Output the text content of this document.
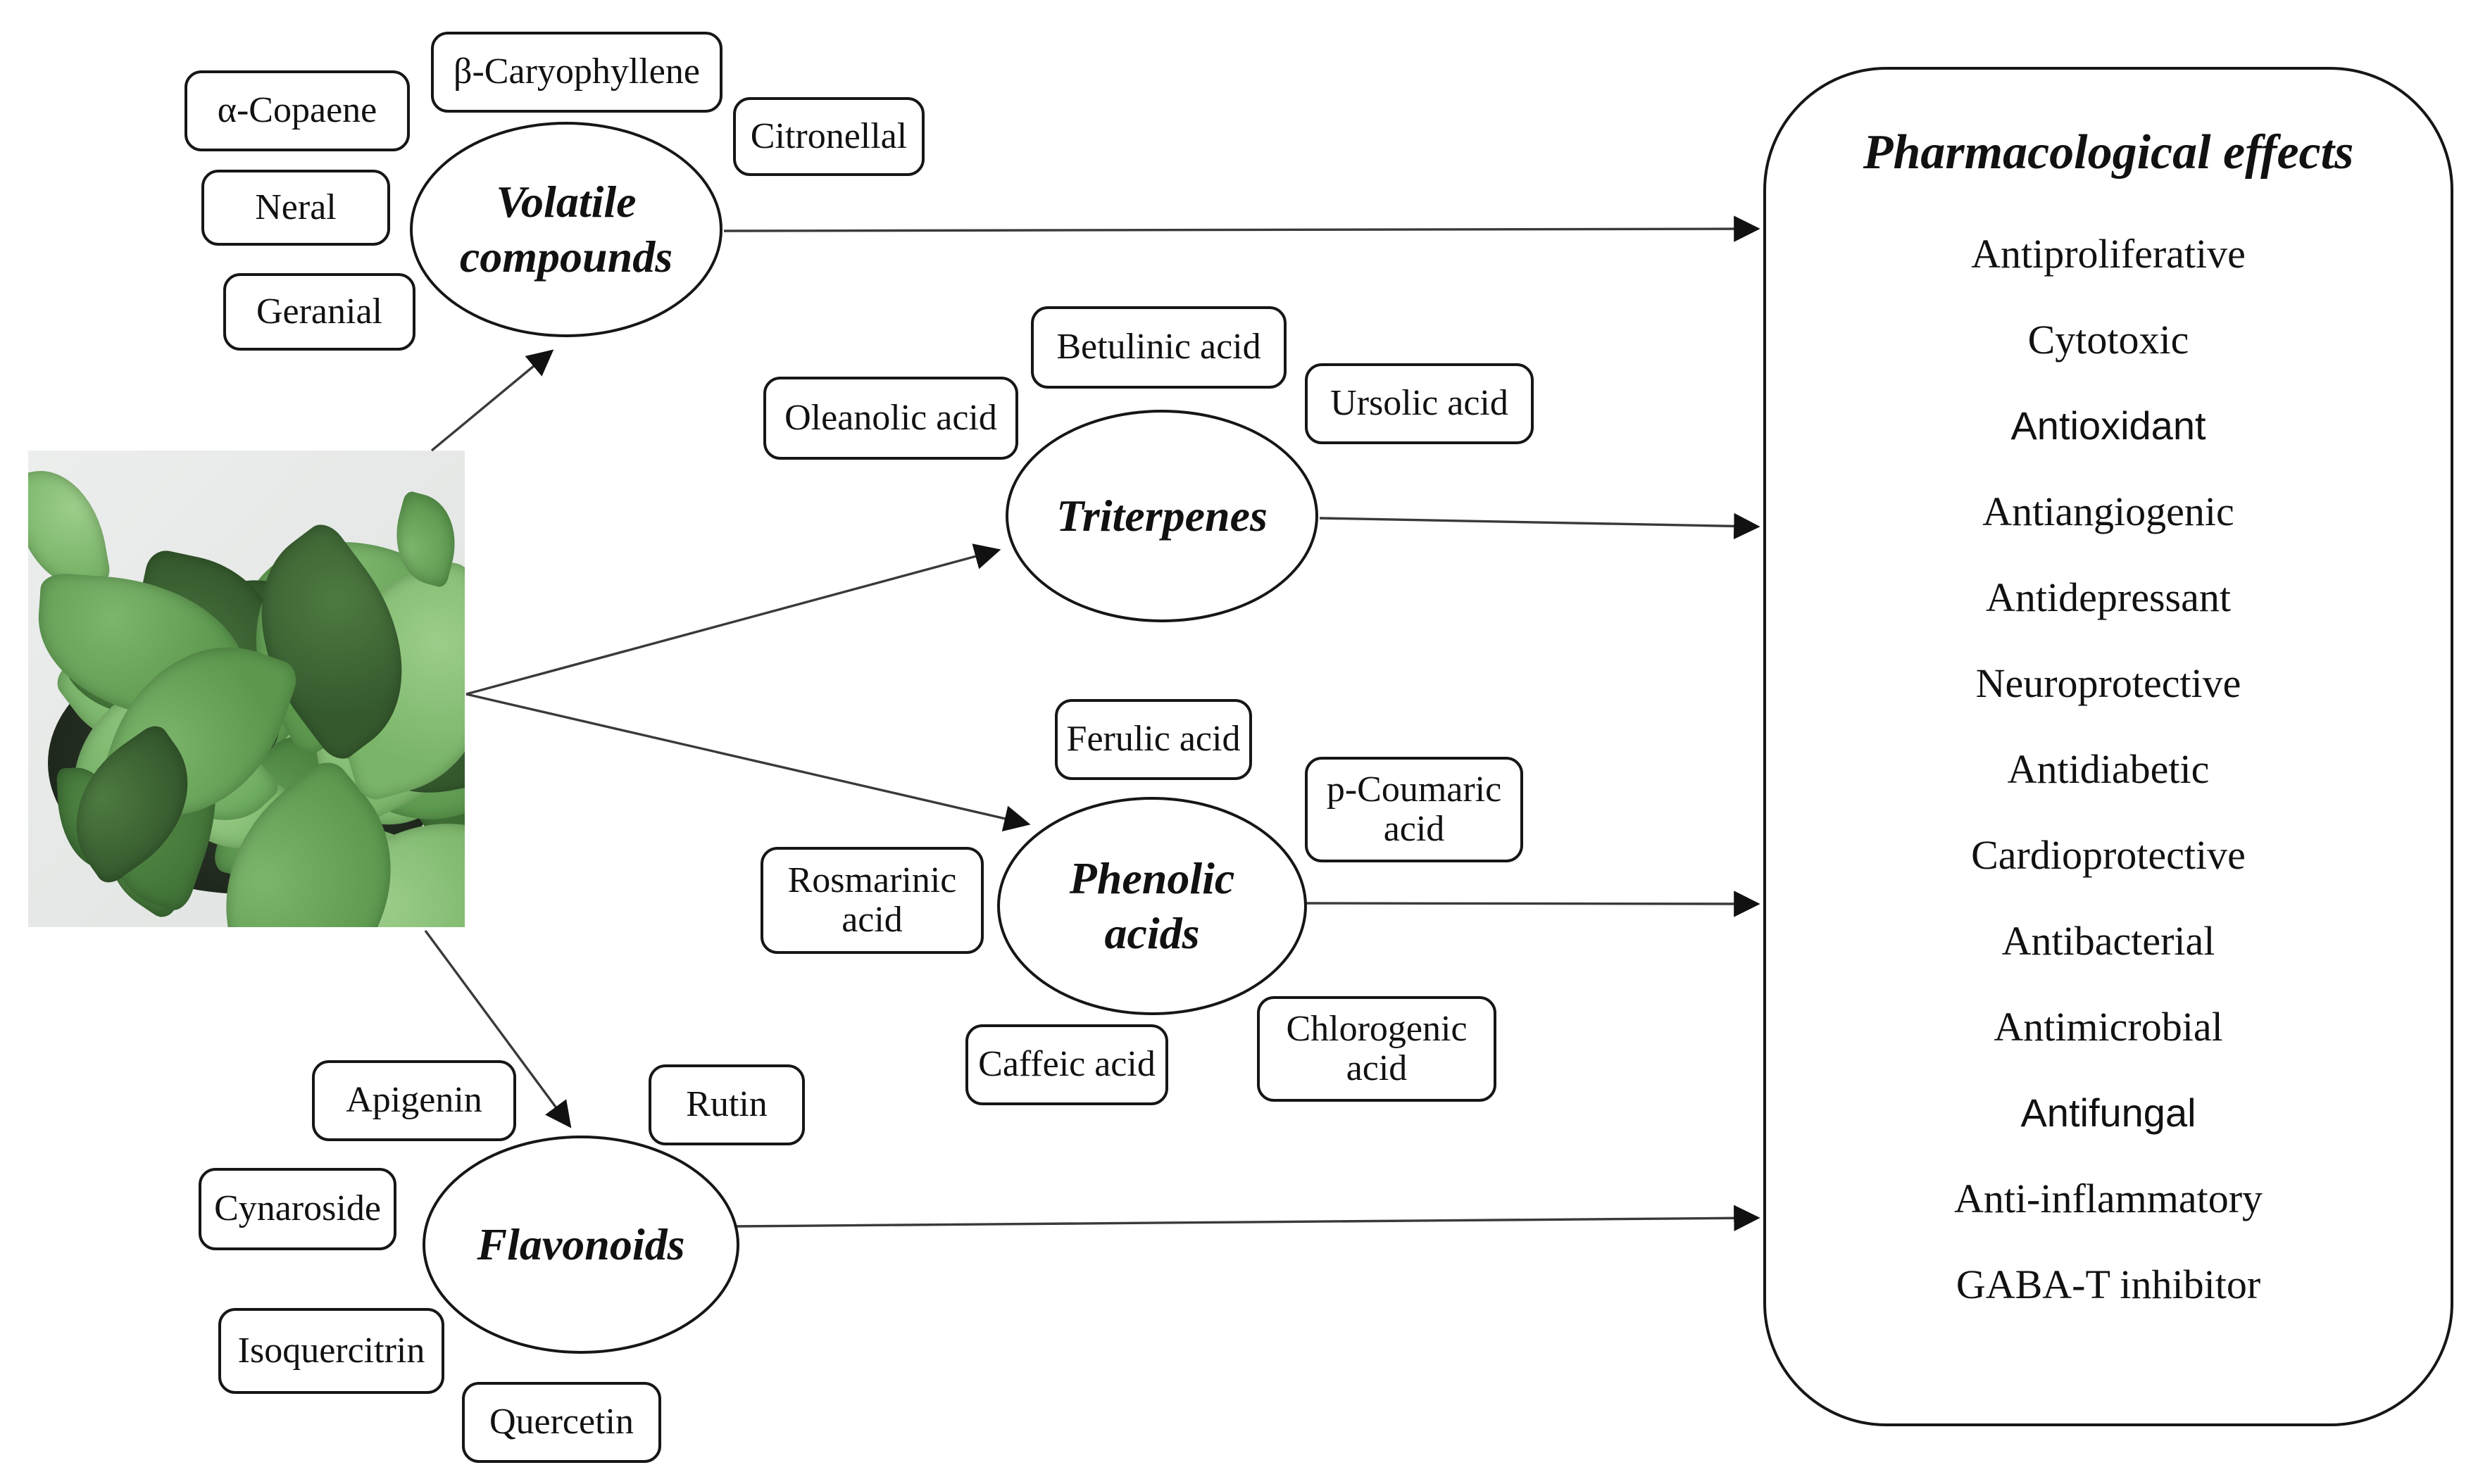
α-Copaene
β-Caryophyllene
Citronellal
Neral
Geranial
Volatile compounds
Betulinic acid
Oleanolic acid	Ursolic acid
Triterpenes
Ferulic acid
p-Coumaric acid
Rosmarinic acid
Caffeic acid
Chlorogenic acid
Phenolic acids
Apigenin	Rutin
Cynaroside
Isoquercitrin
Quercetin
Flavonoids
Pharmacological effects
Antiproliferative
Cytotoxic
Antioxidant
Antiangiogenic
Antidepressant
Neuroprotective
Antidiabetic
Cardioprotective
Antibacterial
Antimicrobial
Antifungal
Anti-inflammatory
GABA-T inhibitor
